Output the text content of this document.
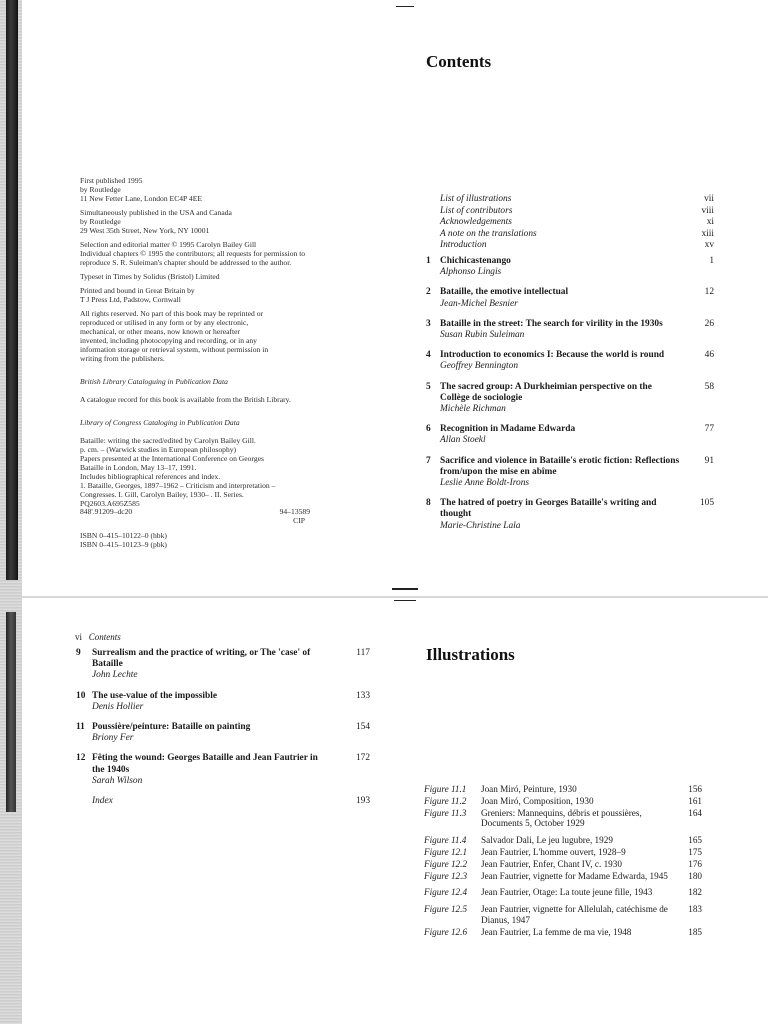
First published 1995
by Routledge
11 New Fetter Lane, London EC4P 4EE

Simultaneously published in the USA and Canada
by Routledge
29 West 35th Street, New York, NY 10001

Selection and editorial matter © 1995 Carolyn Bailey Gill
Individual chapters © 1995 the contributors; all requests for permission to
reproduce S. R. Suleiman's chapter should be addressed to the author.

Typeset in Times by Solidus (Bristol) Limited

Printed and bound in Great Britain by
T J Press Ltd, Padstow, Cornwall

All rights reserved. No part of this book may be reprinted or
reproduced or utilised in any form or by any electronic,
mechanical, or other means, now known or hereafter
invented, including photocopying and recording, or in any
information storage or retrieval system, without permission in
writing from the publishers.

British Library Cataloguing in Publication Data

A catalogue record for this book is available from the British Library.

Library of Congress Cataloging in Publication Data

Bataille: writing the sacred/edited by Carolyn Bailey Gill.
p. cm. – (Warwick studies in European philosophy)
Papers presented at the International Conference on Georges
Bataille in London, May 13–17, 1991.
Includes bibliographical references and index.
1. Bataille, Georges, 1897–1962 – Criticism and interpretation –
Congresses. I. Gill, Carolyn Bailey, 1930– . II. Series.
PQ2603.A695Z585

848'.91209–dc20	94–13589
CIP
ISBN 0–415–10122–0 (hbk)
ISBN 0–415–10123–9 (pbk)
Contents
List of illustrations	vii
List of contributors	viii
Acknowledgements	xi
A note on the translations	xiii
Introduction	xv
1 Chichicastenango
Alphonso Lingis
1
2 Bataille, the emotive intellectual
Jean-Michel Besnier
12
3 Bataille in the street: The search for virility in the 1930s
Susan Rubin Suleiman
26
4 Introduction to economics I: Because the world is round
Geoffrey Bennington
46
5 The sacred group: A Durkheimian perspective on the Collège de sociologie
Michèle Richman
58
6 Recognition in Madame Edwarda
Allan Stoekl
77
7 Sacrifice and violence in Bataille's erotic fiction: Reflections from/upon the mise en abîme
Leslie Anne Boldt-Irons
91
8 The hatred of poetry in Georges Bataille's writing and thought
Marie-Christine Lala
105
vi Contents
9	Surrealism and the practice of writing, or The 'case' of Bataille
John Lechte
117
10 The use-value of the impossible
Denis Hollier
133
11 Poussière/peinture: Bataille on painting
Briony Fer
154
12 Fêting the wound: Georges Bataille and Jean Fautrier in the 1940s
Sarah Wilson
172
Index	193
Illustrations
Figure 11.1	Joan Miró, Peinture, 1930	156
Figure 11.2	Joan Miró, Composition, 1930	161
Figure 11.3	Greniers: Mannequins, débris et poussières, Documents 5, October 1929
164
Figure 11.4	Salvador Dali, Le jeu lugubre, 1929	165
Figure 12.1	Jean Fautrier, L'homme ouvert, 1928–9	175
Figure 12.2	Jean Fautrier, Enfer, Chant IV, c. 1930	176
Figure 12.3	Jean Fautrier, vignette for Madame Edwarda, 1945	180
Figure 12.4	Jean Fautrier, Otage: La toute jeune fille, 1943	182
Figure 12.5	Jean Fautrier, vignette for Allelulah, catéchisme de Dianus, 1947
183
Figure 12.6	Jean Fautrier, La femme de ma vie, 1948	185
